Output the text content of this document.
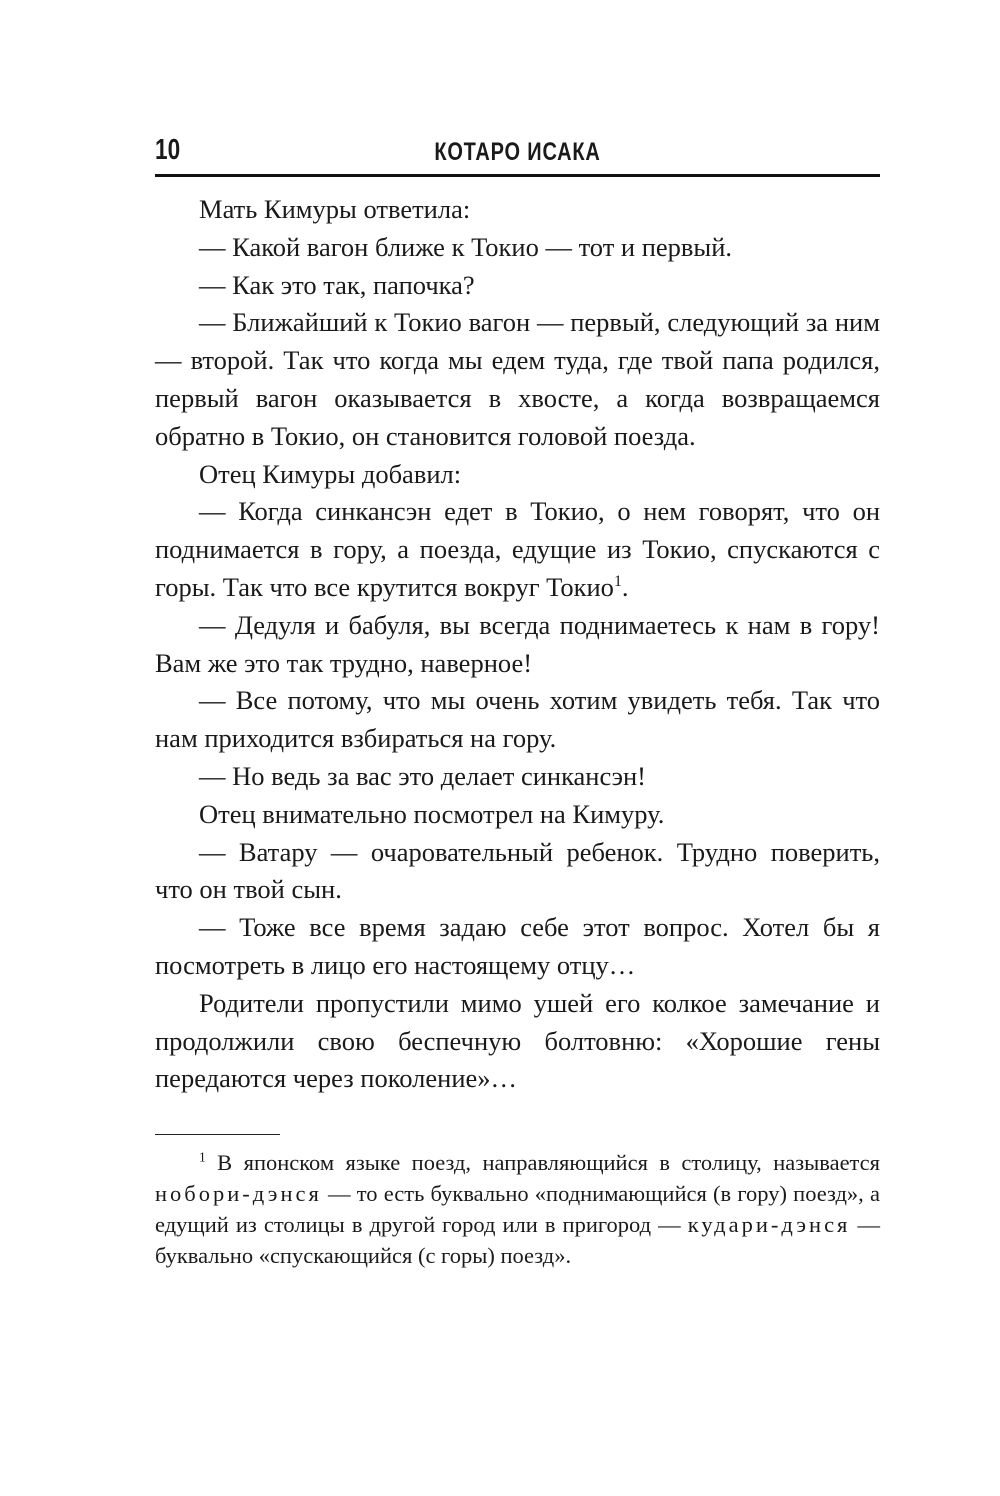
10	КОТАРО ИСАКА

Мать Кимуры ответила:

— Какой вагон ближе к Токио — тот и первый.

— Как это так, папочка?

— Ближайший к Токио вагон — первый, следующий за ним — второй. Так что когда мы едем туда, где твой папа родился, первый вагон оказывается в хвосте, а когда возвращаемся обратно в Токио, он становится головой поезда.

Отец Кимуры добавил:

— Когда синкансэн едет в Токио, о нем говорят, что он поднимается в гору, а поезда, едущие из Токио, спускаются с горы. Так что все крутится вокруг Токио$^1$.

— Дедуля и бабуля, вы всегда поднимаетесь к нам в гору! Вам же это так трудно, наверное!

— Все потому, что мы очень хотим увидеть тебя. Так что нам приходится взбираться на гору.

— Но ведь за вас это делает синкансэн!

Отец внимательно посмотрел на Кимуру.

— Ватару — очаровательный ребенок. Трудно поверить, что он твой сын.

— Тоже все время задаю себе этот вопрос. Хотел бы я посмотреть в лицо его настоящему отцу…

Родители пропустили мимо ушей его колкое замечание и продолжили свою беспечную болтовню: «Хорошие гены передаются через поколение»…

$^1$ В японском языке поезд, направляющийся в столицу, называется нобори-дэнся — то есть буквально «поднимающийся (в гору) поезд», а едущий из столицы в другой город или в пригород — кудари-дэнся — буквально «спускающийся (с горы) поезд».
